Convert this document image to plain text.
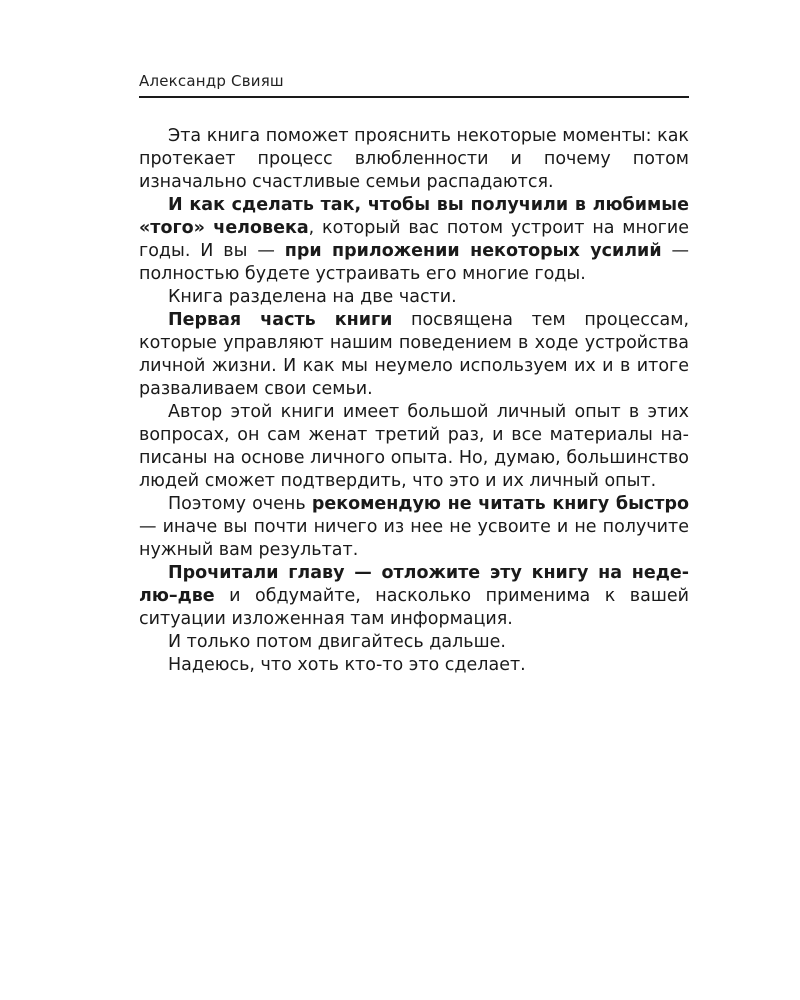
Александр Свияш

Эта книга поможет прояснить некоторые моменты: как протекает процесс влюбленности и почему потом изначально счастливые семьи распадаются.

И как сделать так, чтобы вы получили в любимые «того» человека, который вас потом устроит на многие годы. И вы — при приложении некоторых усилий — полностью будете устраивать его многие годы.

Книга разделена на две части.

Первая часть книги посвящена тем процессам, которые управляют нашим поведением в ходе устройства личной жизни. И как мы неумело используем их и в итоге разваливаем свои семьи.

Автор этой книги имеет большой личный опыт в этих вопросах, он сам женат третий раз, и все материалы написаны на основе личного опыта. Но, думаю, большинство людей сможет подтвердить, что это и их личный опыт.

Поэтому очень рекомендую не читать книгу быстро — иначе вы почти ничего из нее не усвоите и не получите нужный вам результат.

Прочитали главу — отложите эту книгу на неделю–две и обдумайте, насколько применима к вашей ситуации изложенная там информация.

И только потом двигайтесь дальше.

Надеюсь, что хоть кто-то это сделает.
